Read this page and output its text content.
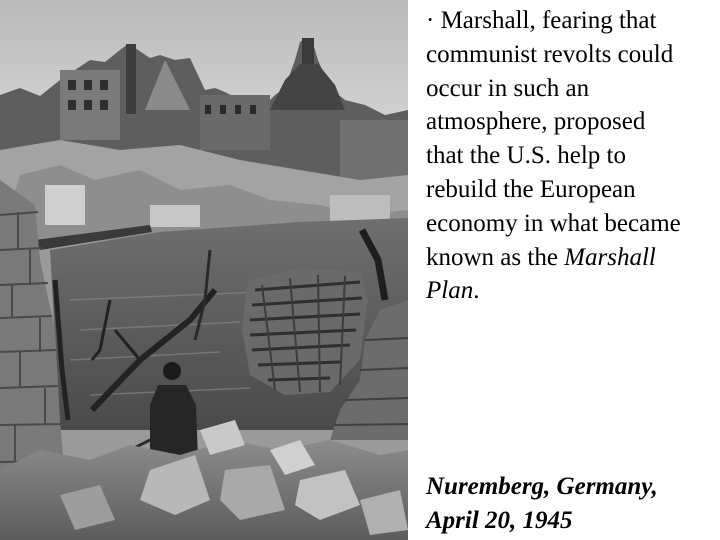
· Marshall, fearing that
communist revolts could
occur in such an
atmosphere, proposed
that the U.S. help to
rebuild the European
economy in what became
known as the Marshall
Plan.

Nuremberg, Germany,
April 20, 1945
